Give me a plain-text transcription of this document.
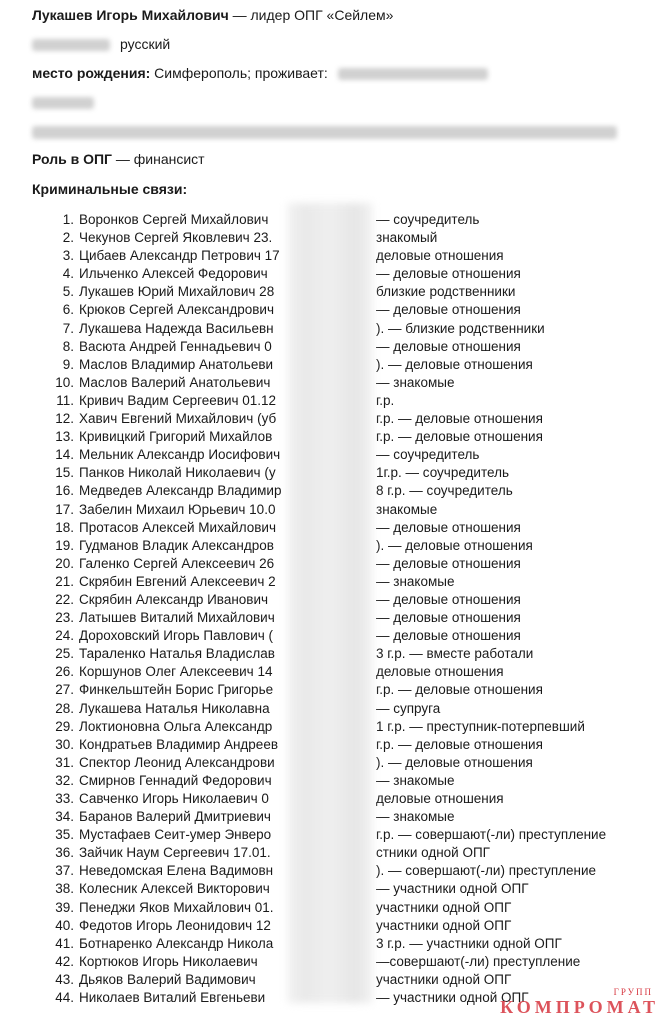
Лукашев Игорь Михайлович — лидер ОПГ «Сейлем»
русский
место рождения: Симферополь; проживает:
Роль в ОПГ — финансист
Криминальные связи:
1. Воронков Сергей Михайлович	— соучредитель
2. Чекунов Сергей Яковлевич 23.	знакомый
3. Цибаев Александр Петрович 17	деловые отношения
4. Ильченко Алексей Федорович	— деловые отношения
5. Лукашев Юрий Михайлович 28	близкие родственники
6. Крюков Сергей Александрович	— деловые отношения
7. Лукашева Надежда Васильевн	). — близкие родственники
8. Васюта Андрей Геннадьевич 0	— деловые отношения
9. Маслов Владимир Анатольеви	). — деловые отношения
10. Маслов Валерий Анатольевич	— знакомые
11. Кривич Вадим Сергеевич 01.12	г.р.
12. Хавич Евгений Михайлович (уб	г.р. — деловые отношения
13. Кривицкий Григорий Михайлов	г.р. — деловые отношения
14. Мельник Александр Иосифович	— соучредитель
15. Панков Николай Николаевич (у	1г.р. — соучредитель
16. Медведев Александр Владимир	8 г.р. — соучредитель
17. Забелин Михаил Юрьевич 10.0	знакомые
18. Протасов Алексей Михайлович	— деловые отношения
19. Гудманов Владик Александров	). — деловые отношения
20. Галенко Сергей Алексеевич 26	— деловые отношения
21. Скрябин Евгений Алексеевич 2	— знакомые
22. Скрябин Александр Иванович	— деловые отношения
23. Латышев Виталий Михайлович	— деловые отношения
24. Дороховский Игорь Павлович (	— деловые отношения
25. Тараленко Наталья Владислав	3 г.р. — вместе работали
26. Коршунов Олег Алексеевич 14	деловые отношения
27. Финкельштейн Борис Григорье	г.р. — деловые отношения
28. Лукашева Наталья Николавна	— супруга
29. Локтионовна Ольга Александр	1 г.р. — преступник-потерпевший
30. Кондратьев Владимир Андреев	г.р. — деловые отношения
31. Спектор Леонид Александрови	). — деловые отношения
32. Смирнов Геннадий Федорович	— знакомые
33. Савченко Игорь Николаевич 0	деловые отношения
34. Баранов Валерий Дмитриевич	— знакомые
35. Мустафаев Сеит-умер Энверо	г.р. — совершают(-ли) преступление
36. Зайчик Наум Сергеевич 17.01.	стники одной ОПГ
37. Неведомская Елена Вадимовн	). — совершают(-ли) преступление
38. Колесник Алексей Викторович	— участники одной ОПГ
39. Пенеджи Яков Михайлович 01.	участники одной ОПГ
40. Федотов Игорь Леонидович 12	участники одной ОПГ
41. Ботнаренко Александр Никола	3 г.р. — участники одной ОПГ
42. Кортюков Игорь Николаевич	—совершают(-ли) преступление
43. Дьяков Валерий Вадимович	участники одной ОПГ
44. Николаев Виталий Евгеньеви	— участники одной ОПГ	ГРУПП
КОМПРОМАТ
